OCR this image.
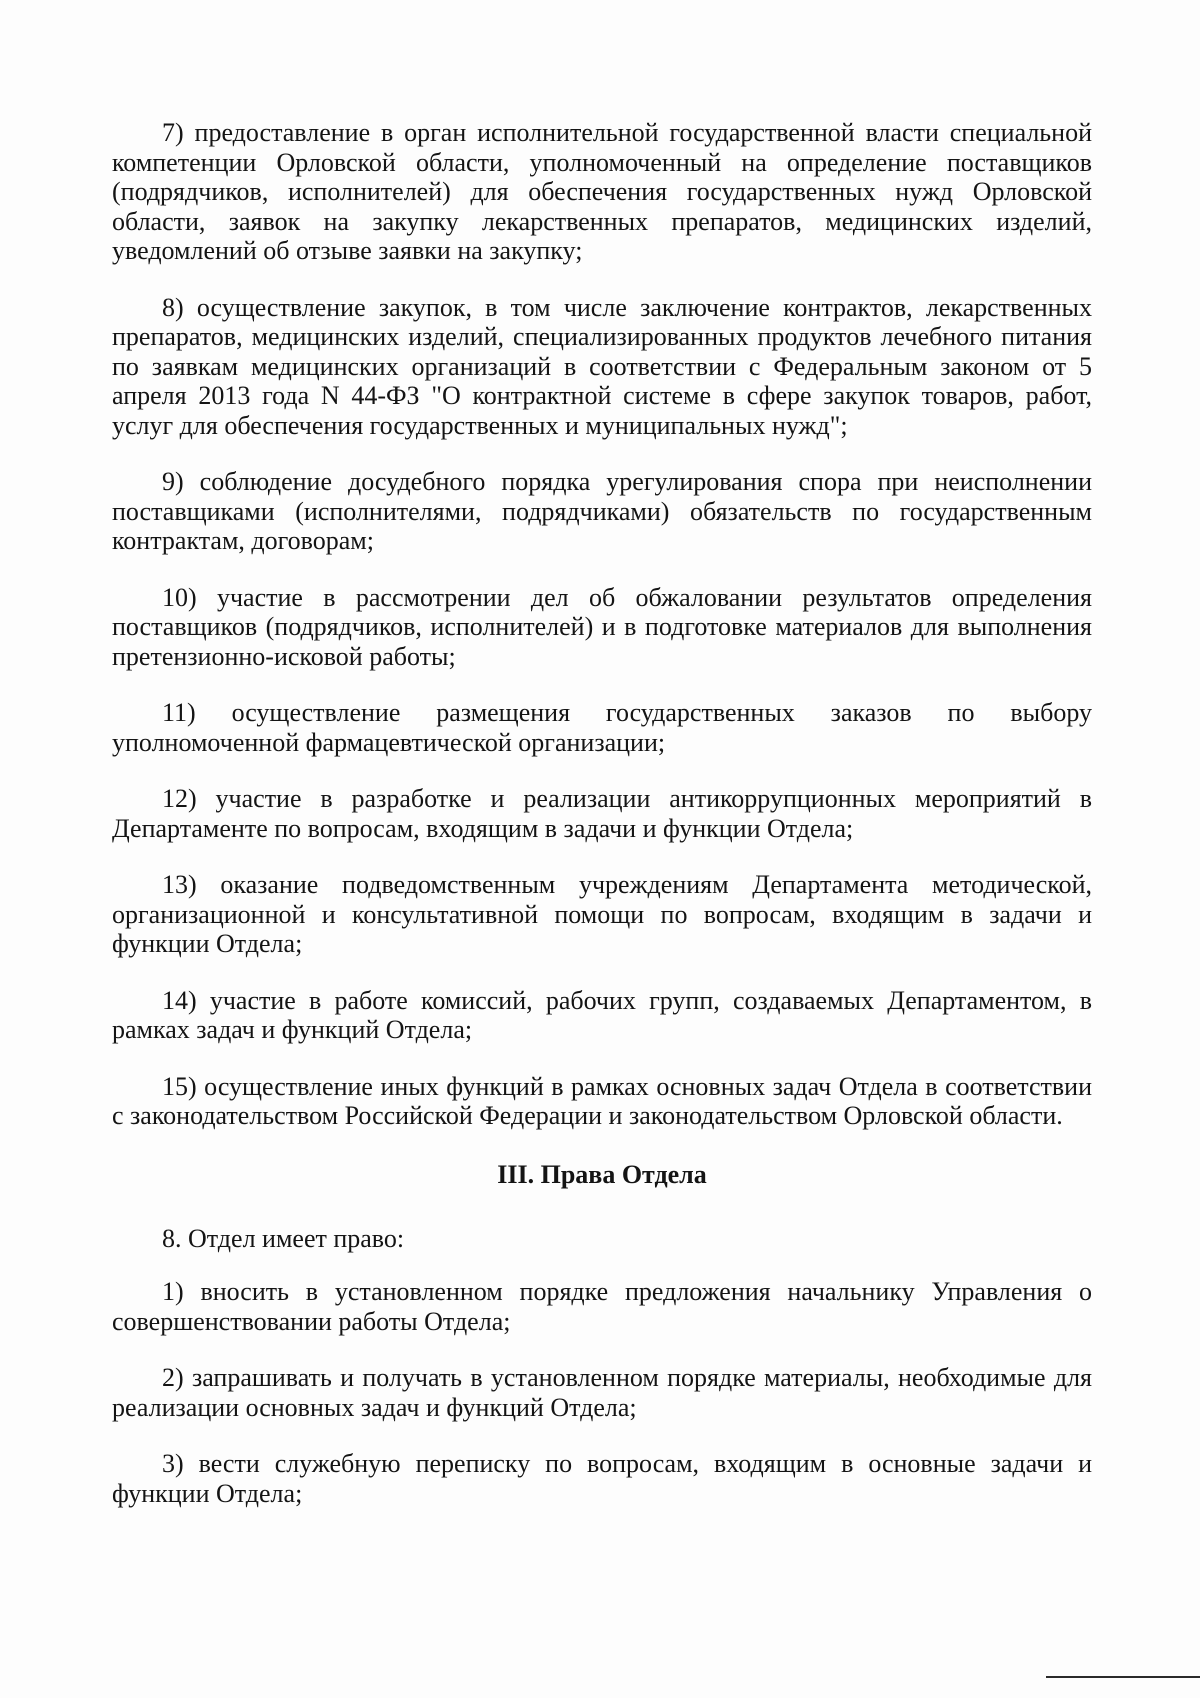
7) предоставление в орган исполнительной государственной власти специальной компетенции Орловской области, уполномоченный на определение поставщиков (подрядчиков, исполнителей) для обеспечения государственных нужд Орловской области, заявок на закупку лекарственных препаратов, медицинских изделий, уведомлений об отзыве заявки на закупку;

8) осуществление закупок, в том числе заключение контрактов, лекарственных препаратов, медицинских изделий, специализированных продуктов лечебного питания по заявкам медицинских организаций в соответствии с Федеральным законом от 5 апреля 2013 года N 44-ФЗ "О контрактной системе в сфере закупок товаров, работ, услуг для обеспечения государственных и муниципальных нужд";

9) соблюдение досудебного порядка урегулирования спора при неисполнении поставщиками (исполнителями, подрядчиками) обязательств по государственным контрактам, договорам;

10) участие в рассмотрении дел об обжаловании результатов определения поставщиков (подрядчиков, исполнителей) и в подготовке материалов для выполнения претензионно-исковой работы;

11) осуществление размещения государственных заказов по выбору уполномоченной фармацевтической организации;

12) участие в разработке и реализации антикоррупционных мероприятий в Департаменте по вопросам, входящим в задачи и функции Отдела;

13) оказание подведомственным учреждениям Департамента методической, организационной и консультативной помощи по вопросам, входящим в задачи и функции Отдела;

14) участие в работе комиссий, рабочих групп, создаваемых Департаментом, в рамках задач и функций Отдела;

15) осуществление иных функций в рамках основных задач Отдела в соответствии с законодательством Российской Федерации и законодательством Орловской области.

III. Права Отдела

8. Отдел имеет право:

1) вносить в установленном порядке предложения начальнику Управления о совершенствовании работы Отдела;

2) запрашивать и получать в установленном порядке материалы, необходимые для реализации основных задач и функций Отдела;

3) вести служебную переписку по вопросам, входящим в основные задачи и функции Отдела;
